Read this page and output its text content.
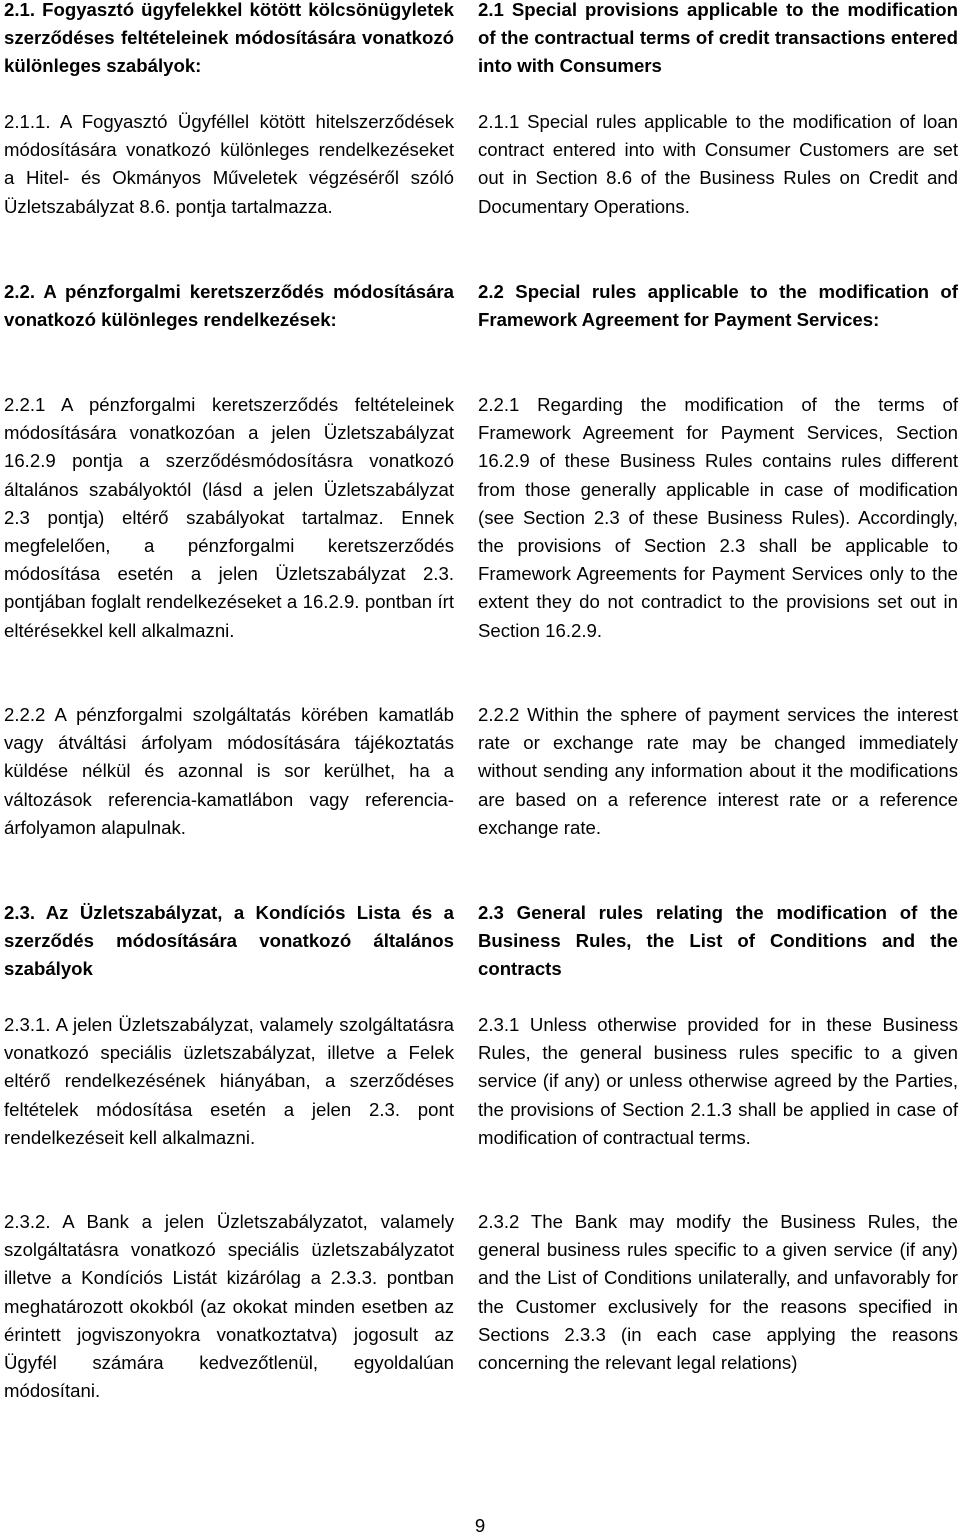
2.1. Fogyasztó ügyfelekkel kötött kölcsönügyletek szerződéses feltételeinek módosítására vonatkozó különleges szabályok:
2.1.1. A Fogyasztó Ügyféllel kötött hitelszerződések módosítására vonatkozó különleges rendelkezéseket a Hitel- és Okmányos Műveletek végzéséről szóló Üzletszabályzat 8.6. pontja tartalmazza.
2.2. A pénzforgalmi keretszerződés módosítására vonatkozó különleges rendelkezések:
2.2.1 A pénzforgalmi keretszerződés feltételeinek módosítására vonatkozóan a jelen Üzletszabályzat 16.2.9 pontja a szerződésmódosításra vonatkozó általános szabályoktól (lásd a jelen Üzletszabályzat 2.3 pontja) eltérő szabályokat tartalmaz. Ennek megfelelően, a pénzforgalmi keretszerződés módosítása esetén a jelen Üzletszabályzat 2.3. pontjában foglalt rendelkezéseket a 16.2.9. pontban írt eltérésekkel kell alkalmazni.
2.2.2 A pénzforgalmi szolgáltatás körében kamatláb vagy átváltási árfolyam módosítására tájékoztatás küldése nélkül és azonnal is sor kerülhet, ha a változások referencia-kamatlábon vagy referencia-árfolyamon alapulnak.
2.3. Az Üzletszabályzat, a Kondíciós Lista és a szerződés módosítására vonatkozó általános szabályok
2.3.1. A jelen Üzletszabályzat, valamely szolgáltatásra vonatkozó speciális üzletszabályzat, illetve a Felek eltérő rendelkezésének hiányában, a szerződéses feltételek módosítása esetén a jelen 2.3. pont rendelkezéseit kell alkalmazni.
2.3.2. A Bank a jelen Üzletszabályzatot, valamely szolgáltatásra vonatkozó speciális üzletszabályzatot illetve a Kondíciós Listát kizárólag a 2.3.3. pontban meghatározott okokból (az okokat minden esetben az érintett jogviszonyokra vonatkoztatva) jogosult az Ügyfél számára kedvezőtlenül, egyoldalúan módosítani.
2.1 Special provisions applicable to the modification of the contractual terms of credit transactions entered into with Consumers
2.1.1 Special rules applicable to the modification of loan contract entered into with Consumer Customers are set out in Section 8.6 of the Business Rules on Credit and Documentary Operations.
2.2 Special rules applicable to the modification of Framework Agreement for Payment Services:
2.2.1 Regarding the modification of the terms of Framework Agreement for Payment Services, Section 16.2.9 of these Business Rules contains rules different from those generally applicable in case of modification (see Section 2.3 of these Business Rules). Accordingly, the provisions of Section 2.3 shall be applicable to Framework Agreements for Payment Services only to the extent they do not contradict to the provisions set out in Section 16.2.9.
2.2.2 Within the sphere of payment services the interest rate or exchange rate may be changed immediately without sending any information about it the modifications are based on a reference interest rate or a reference exchange rate.
2.3 General rules relating the modification of the Business Rules, the List of Conditions and the contracts
2.3.1 Unless otherwise provided for in these Business Rules, the general business rules specific to a given service (if any) or unless otherwise agreed by the Parties, the provisions of Section 2.1.3 shall be applied in case of modification of contractual terms.
2.3.2 The Bank may modify the Business Rules, the general business rules specific to a given service (if any) and the List of Conditions unilaterally, and unfavorably for the Customer exclusively for the reasons specified in Sections 2.3.3 (in each case applying the reasons concerning the relevant legal relations)
9
